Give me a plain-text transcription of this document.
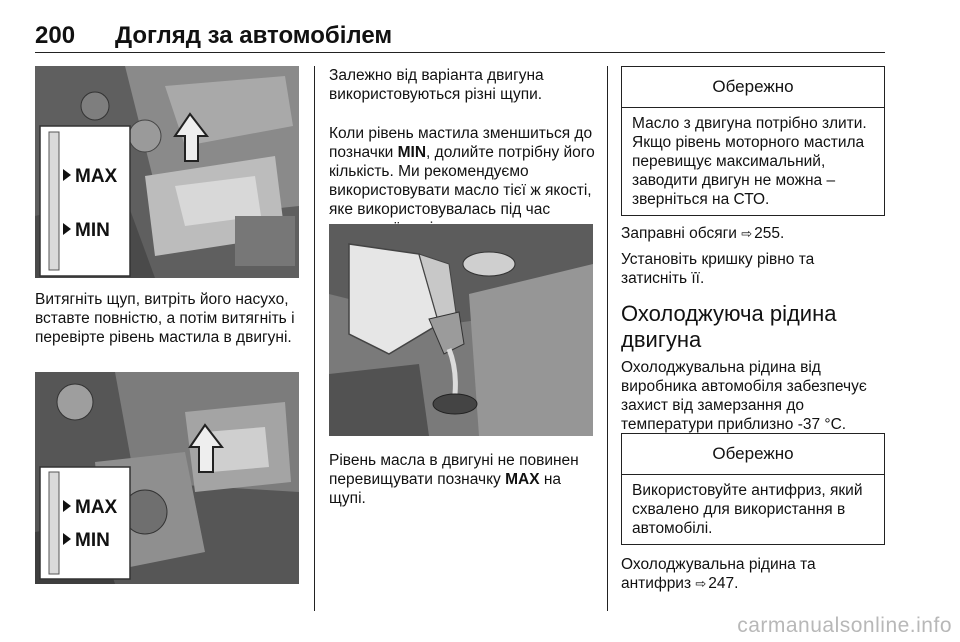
200 Догляд за автомобілем
MAX
MIN

Витягніть щуп, витріть його насухо, вставте повністю, а потім витягніть і перевірте рівень мастила в двигуні.

MAX
MIN

Залежно від варіанта двигуна використовуються різні щупи.

Коли рівень мастила зменшиться до позначки MIN, долийте потрібну його кількість. Ми рекомендуємо використовувати масло тієї ж якості, яке використовувалась під час

Рівень масла в двигуні не повинен перевищувати позначку MAX на щупі.

Обережно
Масло з двигуна потрібно злити. Якщо рівень моторного мастила перевищує максимальний, заводити двигун не можна – зверніться на СТО.

Заправні обсяги ⇨ 255.

Установіть кришку рівно та затисніть її.

Охолоджуюча рідина двигуна

Охолоджувальна рідина від виробника автомобіля забезпечує захист від замерзання до температури приблизно -37 °C.

Обережно
Використовуйте антифриз, який схвалено для використання в автомобілі.

Охолоджувальна рідина та антифриз ⇨ 247.

carmanualsonline.info
